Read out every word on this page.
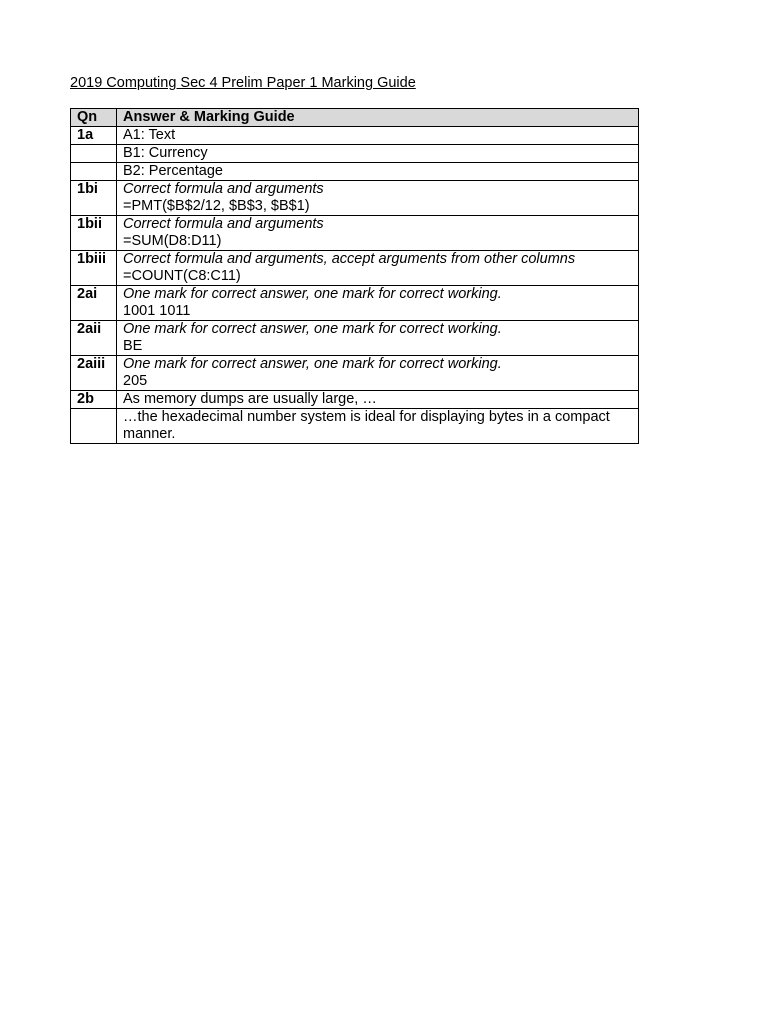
2019 Computing Sec 4 Prelim Paper 1 Marking Guide
Qn	Answer & Marking Guide
1a	A1: Text

	B1: Currency

	B2: Percentage

1bi	Correct formula and arguments
=PMT($B$2/12, $B$3, $B$1)

1bii	Correct formula and arguments
=SUM(D8:D11)

1biii	Correct formula and arguments, accept arguments from other columns
=COUNT(C8:C11)

2ai	One mark for correct answer, one mark for correct working.
1001 1011

2aii	One mark for correct answer, one mark for correct working.
BE

2aiii	One mark for correct answer, one mark for correct working.
205

2b	As memory dumps are usually large, …

	…the hexadecimal number system is ideal for displaying bytes in a compact manner.
